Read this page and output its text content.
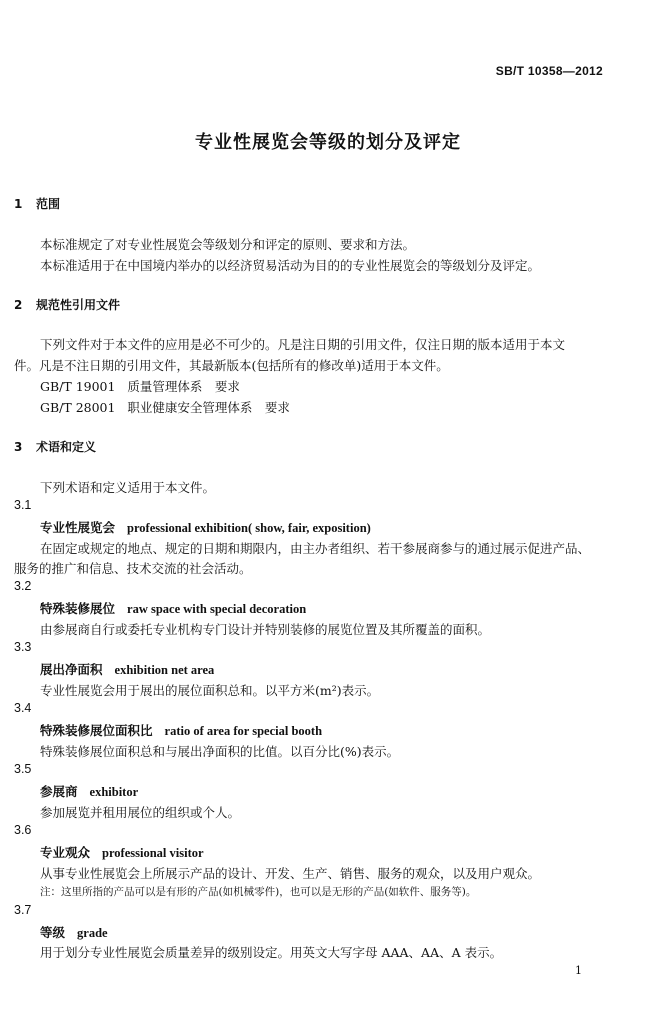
SB/T 10358—2012
专业性展览会等级的划分及评定
1 范围
本标准规定了对专业性展览会等级划分和评定的原则、要求和方法。
本标准适用于在中国境内举办的以经济贸易活动为目的的专业性展览会的等级划分及评定。
2 规范性引用文件
下列文件对于本文件的应用是必不可少的。凡是注日期的引用文件，仅注日期的版本适用于本文
件。凡是不注日期的引用文件，其最新版本(包括所有的修改单)适用于本文件。
GB/T 19001 质量管理体系　要求
GB/T 28001 职业健康安全管理体系　要求
3 术语和定义
下列术语和定义适用于本文件。
3.1
专业性展览会 professional exhibition( show, fair, exposition)
在固定或规定的地点、规定的日期和期限内，由主办者组织、若干参展商参与的通过展示促进产品、
服务的推广和信息、技术交流的社会活动。
3.2
特殊装修展位 raw space with special decoration
由参展商自行或委托专业机构专门设计并特别装修的展览位置及其所覆盖的面积。
3.3
展出净面积 exhibition net area
专业性展览会用于展出的展位面积总和。以平方米(m²)表示。
3.4
特殊装修展位面积比 ratio of area for special booth
特殊装修展位面积总和与展出净面积的比值。以百分比(%)表示。
3.5
参展商 exhibitor
参加展览并租用展位的组织或个人。
3.6
专业观众 professional visitor
从事专业性展览会上所展示产品的设计、开发、生产、销售、服务的观众，以及用户观众。
注：这里所指的产品可以是有形的产品(如机械零件)，也可以是无形的产品(如软件、服务等)。
3.7
等级 grade
用于划分专业性展览会质量差异的级别设定。用英文大写字母 AAA、AA、A 表示。
1
